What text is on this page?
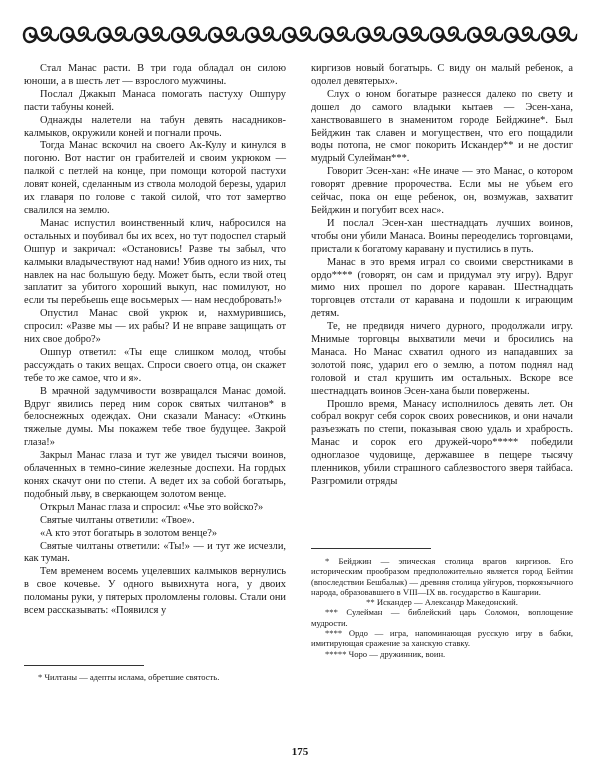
Стал Манас расти. В три года обладал он силою юноши, а в шесть лет — взрослого мужчины.

Послал Джакып Манаса помогать пастуху Ошпуру пасти табуны коней.

Однажды налетели на табун девять насадников-калмыков, окружили коней и погнали прочь.

Тогда Манас вскочил на своего Ак-Кулу и кинулся в погоню. Вот настиг он грабителей и своим укрюком — палкой с петлей на конце, при помощи которой пастухи ловят коней, сделанным из ствола молодой березы, ударил их главаря по голове с такой силой, что тот замертво свалился на землю.

Манас испустил воинственный клич, набросился на остальных и поубивал бы их всех, но тут подоспел старый Ошпур и закричал: «Остановись! Разве ты забыл, что калмыки владычествуют над нами! Убив одного из них, ты навлек на нас большую беду. Может быть, если твой отец заплатит за убитого хороший выкуп, нас помилуют, но если ты перебьешь еще восьмерых — нам несдобровать!»

Опустил Манас свой укрюк и, нахмурившись, спросил: «Разве мы — их рабы? И не вправе защищать от них свое добро?»

Ошпур ответил: «Ты еще слишком молод, чтобы рассуждать о таких вещах. Спроси своего отца, он скажет тебе то же самое, что и я».

В мрачной задумчивости возвращался Манас домой. Вдруг явились перед ним сорок святых чилтанов* в белоснежных одеждах. Они сказали Манасу: «Откинь тяжелые думы. Мы покажем тебе твое будущее. Закрой глаза!»

Закрыл Манас глаза и тут же увидел тысячи воинов, облаченных в темно-синие железные доспехи. На гордых конях скачут они по степи. А ведет их за собой богатырь, подобный льву, в сверкающем золотом венце.

Открыл Манас глаза и спросил: «Чье это войско?»

Святые чилтаны ответили: «Твое».

«А кто этот богатырь в золотом венце?»

Святые чилтаны ответили: «Ты!» — и тут же исчезли, как туман.

Тем временем восемь уцелевших калмыков вернулись в свое кочевье. У одного вывихнута нога, у двоих поломаны руки, у пятерых проломлены головы. Стали они всем рассказывать: «Появился у

киргизов новый богатырь. С виду он малый ребенок, а одолел девятерых».

Слух о юном богатыре разнесся далеко по свету и дошел до самого владыки кытаев — Эсен-хана, ханствовавшего в знаменитом городе Бейджине*. Был Бейджин так славен и могуществен, что его пощадили воды потопа, не смог покорить Искандер** и не достиг мудрый Сулейман***.

Говорит Эсен-хан: «Не иначе — это Манас, о котором говорят древние пророчества. Если мы не убьем его сейчас, пока он еще ребенок, он, возмужав, захватит Бейджин и погубит всех нас».

И послал Эсен-хан шестнадцать лучших воинов, чтобы они убили Манаса. Воины переоделись торговцами, пристали к богатому каравану и пустились в путь.

Манас в это время играл со своими сверстниками в ордо**** (говорят, он сам и придумал эту игру). Вдруг мимо них прошел по дороге караван. Шестнадцать торговцев отстали от каравана и подошли к играющим детям.

Те, не предвидя ничего дурного, продолжали игру. Мнимые торговцы выхватили мечи и бросились на Манаса. Но Манас схватил одного из нападавших за золотой пояс, ударил его о землю, а потом поднял над головой и стал крушить им остальных. Вскоре все шестнадцать воинов Эсен-хана были повержены.

Прошло время, Манасу исполнилось девять лет. Он собрал вокруг себя сорок своих ровесников, и они начали разъезжать по степи, показывая свою удаль и храбрость. Манас и сорок его дружей-чоро***** победили одноглазое чудовище, державшее в пещере тысячу пленников, убили страшного саблезвостого зверя тайбаса. Разгромили отряды

* Бейджин — эпическая столица врагов киргизов. Его историческим прообразом предположительно является город Бейтин (впоследствии Бешбалык) — древняя столица уйгуров, тюркоязычного народа, образовавшего в VIII—IX вв. государство в Кашгарии.

** Искандер — Александр Македонский.

*** Сулейман — библейский царь Соломон, воплощение мудрости.

**** Ордо — игра, напоминающая русскую игру в бабки, имитирующая сражение за ханскую ставку.

***** Чоро — дружинник, воин.

* Чилтаны — адепты ислама, обретшие святость.

175
